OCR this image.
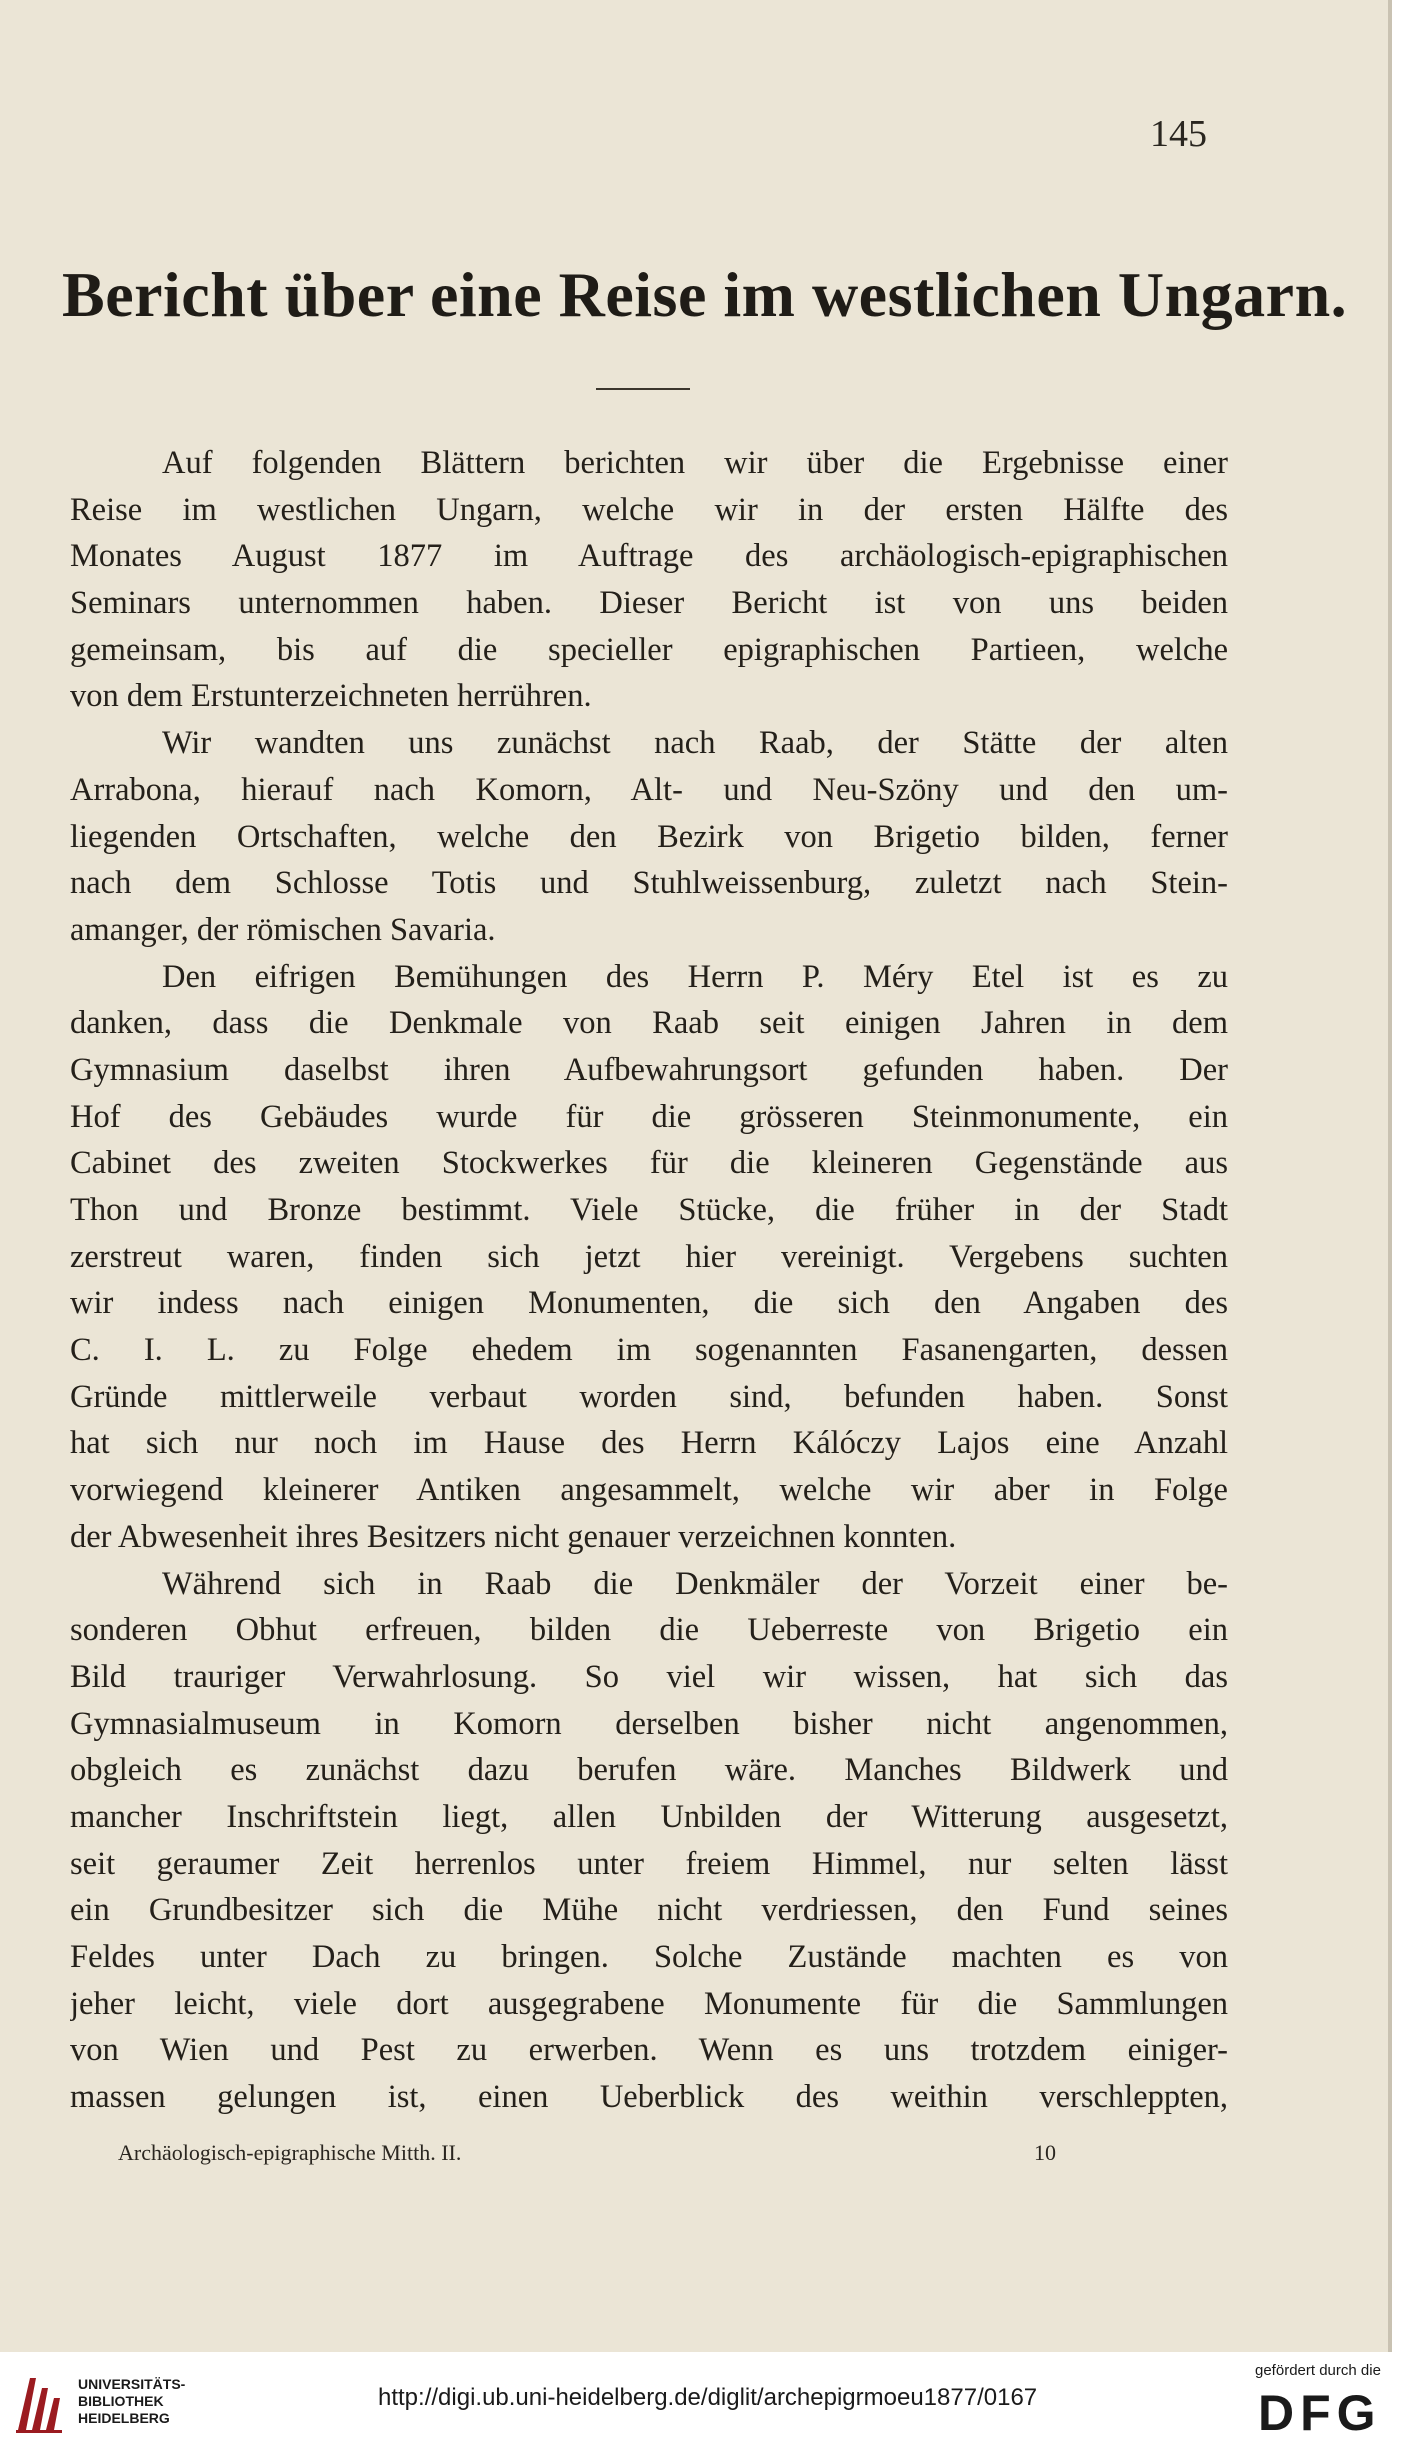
145
Bericht über eine Reise im westlichen Ungarn.
Auf folgenden Blättern berichten wir über die Ergebnisse einer
Reise im westlichen Ungarn, welche wir in der ersten Hälfte des
Monates August 1877 im Auftrage des archäologisch-epigraphischen
Seminars unternommen haben. Dieser Bericht ist von uns beiden
gemeinsam, bis auf die specieller epigraphischen Partieen, welche
von dem Erstunterzeichneten herrühren.
Wir wandten uns zunächst nach Raab, der Stätte der alten
Arrabona, hierauf nach Komorn, Alt- und Neu-Szöny und den um-
liegenden Ortschaften, welche den Bezirk von Brigetio bilden, ferner
nach dem Schlosse Totis und Stuhlweissenburg, zuletzt nach Stein-
amanger, der römischen Savaria.
Den eifrigen Bemühungen des Herrn P. Méry Etel ist es zu
danken, dass die Denkmale von Raab seit einigen Jahren in dem
Gymnasium daselbst ihren Aufbewahrungsort gefunden haben. Der
Hof des Gebäudes wurde für die grösseren Steinmonumente, ein
Cabinet des zweiten Stockwerkes für die kleineren Gegenstände aus
Thon und Bronze bestimmt. Viele Stücke, die früher in der Stadt
zerstreut waren, finden sich jetzt hier vereinigt. Vergebens suchten
wir indess nach einigen Monumenten, die sich den Angaben des
C. I. L. zu Folge ehedem im sogenannten Fasanengarten, dessen
Gründe mittlerweile verbaut worden sind, befunden haben. Sonst
hat sich nur noch im Hause des Herrn Kálóczy Lajos eine Anzahl
vorwiegend kleinerer Antiken angesammelt, welche wir aber in Folge
der Abwesenheit ihres Besitzers nicht genauer verzeichnen konnten.
Während sich in Raab die Denkmäler der Vorzeit einer be-
sonderen Obhut erfreuen, bilden die Ueberreste von Brigetio ein
Bild trauriger Verwahrlosung. So viel wir wissen, hat sich das
Gymnasialmuseum in Komorn derselben bisher nicht angenommen,
obgleich es zunächst dazu berufen wäre. Manches Bildwerk und
mancher Inschriftstein liegt, allen Unbilden der Witterung ausgesetzt,
seit geraumer Zeit herrenlos unter freiem Himmel, nur selten lässt
ein Grundbesitzer sich die Mühe nicht verdriessen, den Fund seines
Feldes unter Dach zu bringen. Solche Zustände machten es von
jeher leicht, viele dort ausgegrabene Monumente für die Sammlungen
von Wien und Pest zu erwerben. Wenn es uns trotzdem einiger-
massen gelungen ist, einen Ueberblick des weithin verschleppten,
Archäologisch-epigraphische Mitth. II.	10
UNIVERSITÄTS-
BIBLIOTHEK
HEIDELBERG
http://digi.ub.uni-heidelberg.de/diglit/archepigrmoeu1877/0167
gefördert durch die
DFG
